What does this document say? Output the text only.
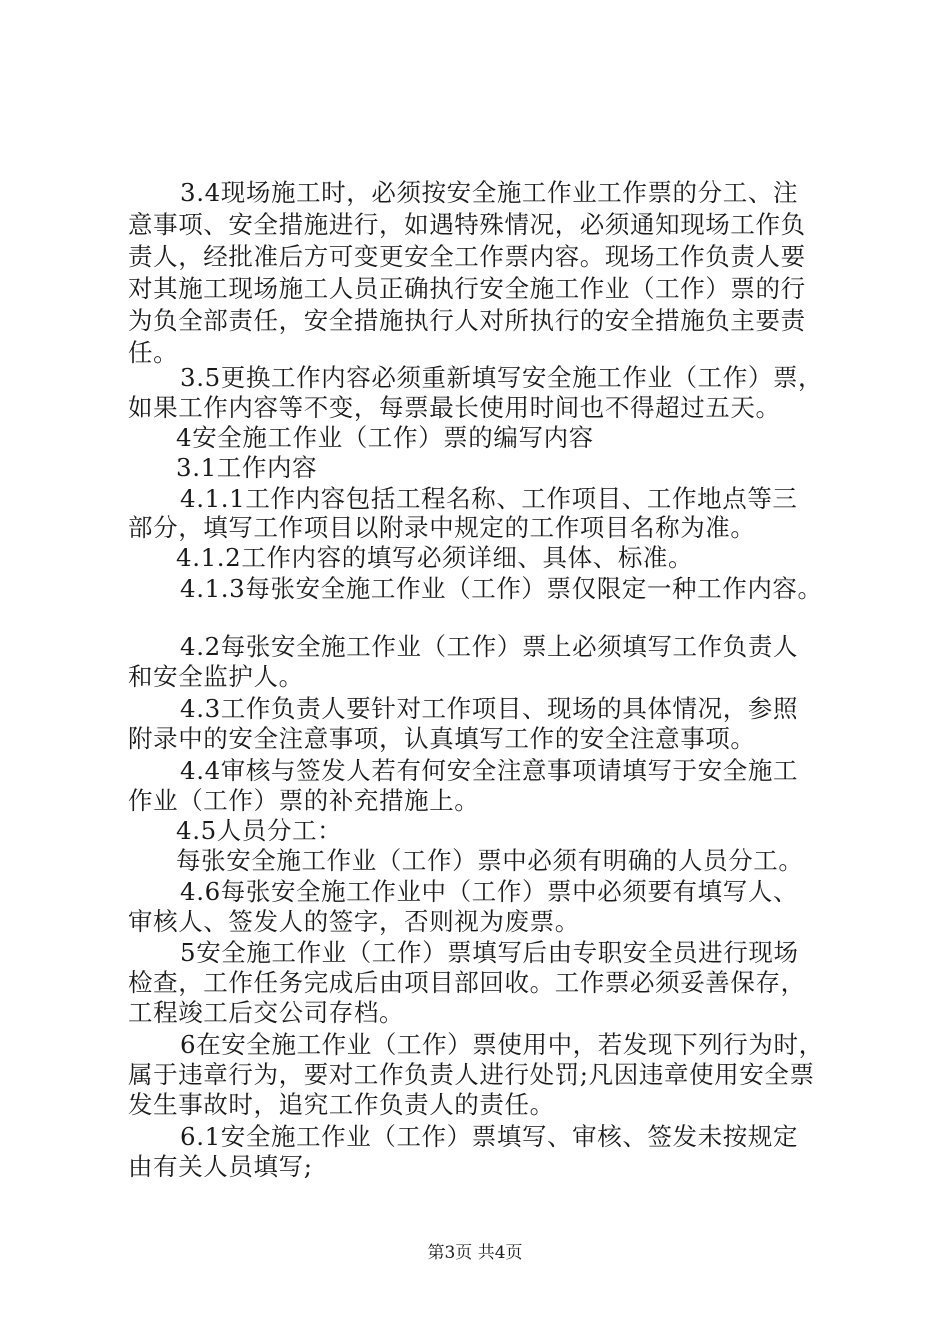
3.4现场施工时，必须按安全施工作业工作票的分工、注
意事项、安全措施进行，如遇特殊情况，必须通知现场工作负
责人，经批准后方可变更安全工作票内容。现场工作负责人要
对其施工现场施工人员正确执行安全施工作业（工作）票的行
为负全部责任，安全措施执行人对所执行的安全措施负主要责
任。
3.5更换工作内容必须重新填写安全施工作业（工作）票，
如果工作内容等不变，每票最长使用时间也不得超过五天。
4安全施工作业（工作）票的编写内容
3.1工作内容
4.1.1工作内容包括工程名称、工作项目、工作地点等三
部分，填写工作项目以附录中规定的工作项目名称为准。
4.1.2工作内容的填写必须详细、具体、标准。
4.1.3每张安全施工作业（工作）票仅限定一种工作内容。
4.2每张安全施工作业（工作）票上必须填写工作负责人
和安全监护人。
4.3工作负责人要针对工作项目、现场的具体情况，参照
附录中的安全注意事项，认真填写工作的安全注意事项。
4.4审核与签发人若有何安全注意事项请填写于安全施工
作业（工作）票的补充措施上。
4.5人员分工：
每张安全施工作业（工作）票中必须有明确的人员分工。
4.6每张安全施工作业中（工作）票中必须要有填写人、
审核人、签发人的签字，否则视为废票。
5安全施工作业（工作）票填写后由专职安全员进行现场
检查，工作任务完成后由项目部回收。工作票必须妥善保存，
工程竣工后交公司存档。
6在安全施工作业（工作）票使用中，若发现下列行为时，
属于违章行为，要对工作负责人进行处罚;凡因违章使用安全票
发生事故时，追究工作负责人的责任。
6.1安全施工作业（工作）票填写、审核、签发未按规定
由有关人员填写;
第3页 共4页
